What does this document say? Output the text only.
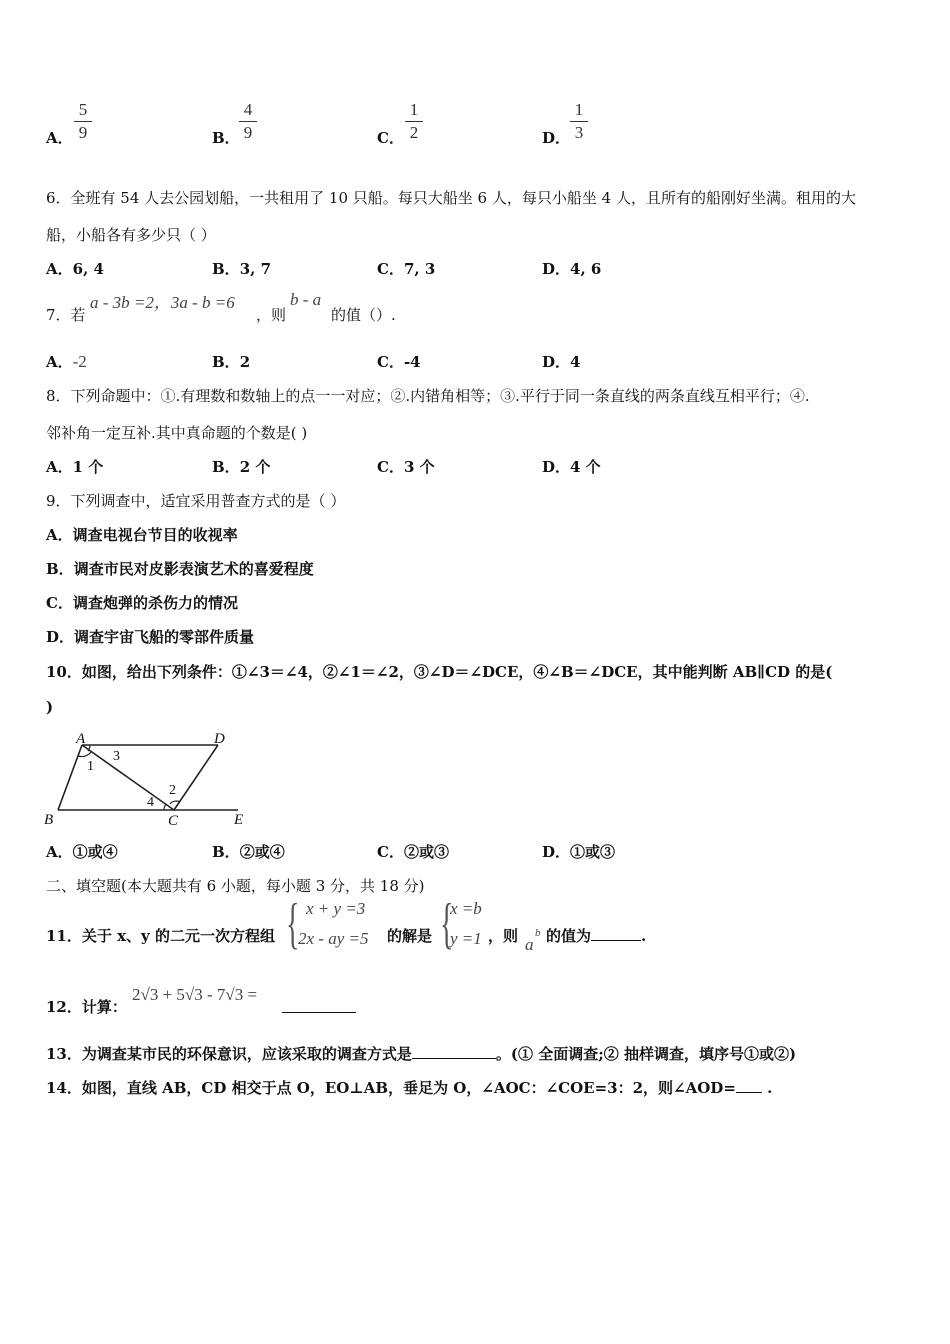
A．
5
9	B．
4
9	C．
1
2	D．
1
3
6．全班有 54 人去公园划船，一共租用了 10 只船。每只大船坐 6 人，每只小船坐 4 人，且所有的船刚好坐满。租用的大
船，小船各有多少只（ ）
A．6, 4	B．3, 7	C．7, 3	D．4, 6
7．若
a - 3b =2，3a - b =6
，则
b - a
的值（）.
A．-2	B．2	C．-4	D．4
8．下列命题中：①.有理数和数轴上的点一一对应；②.内错角相等；③.平行于同一条直线的两条直线互相平行；④.
邻补角一定互补.其中真命题的个数是( )
A．1 个	B．2 个	C．3 个	D．4 个
9．下列调查中，适宜采用普查方式的是（ ）
A．调查电视台节目的收视率
B．调查市民对皮影表演艺术的喜爱程度
C．调查炮弹的杀伤力的情况
D．调查宇宙飞船的零部件质量
10．如图，给出下列条件：①∠3＝∠4，②∠1＝∠2，③∠D＝∠DCE，④∠B＝∠DCE，其中能判断 AB∥CD 的是(
)
A	D
B	C	E
1
3
2
4
A．①或④	B．②或④	C．②或③	D．①或③
二、填空题(本大题共有 6 小题，每小题 3 分，共 18 分)
11．关于 x、y 的二元一次方程组 { x + y =3
2x - ay =5 的解是 {
x =b
y =1 ，则 a
b 的值为	.
12．计算：
2√3 + 5√3 - 7√3 =
13．为调查某市民的环保意识，应该采取的调查方式是	。(① 全面调查;② 抽样调查，填序号①或②)
14．如图，直线 AB，CD 相交于点 O，EO⊥AB，垂足为 O，∠AOC：∠COE=3：2，则∠AOD= .
